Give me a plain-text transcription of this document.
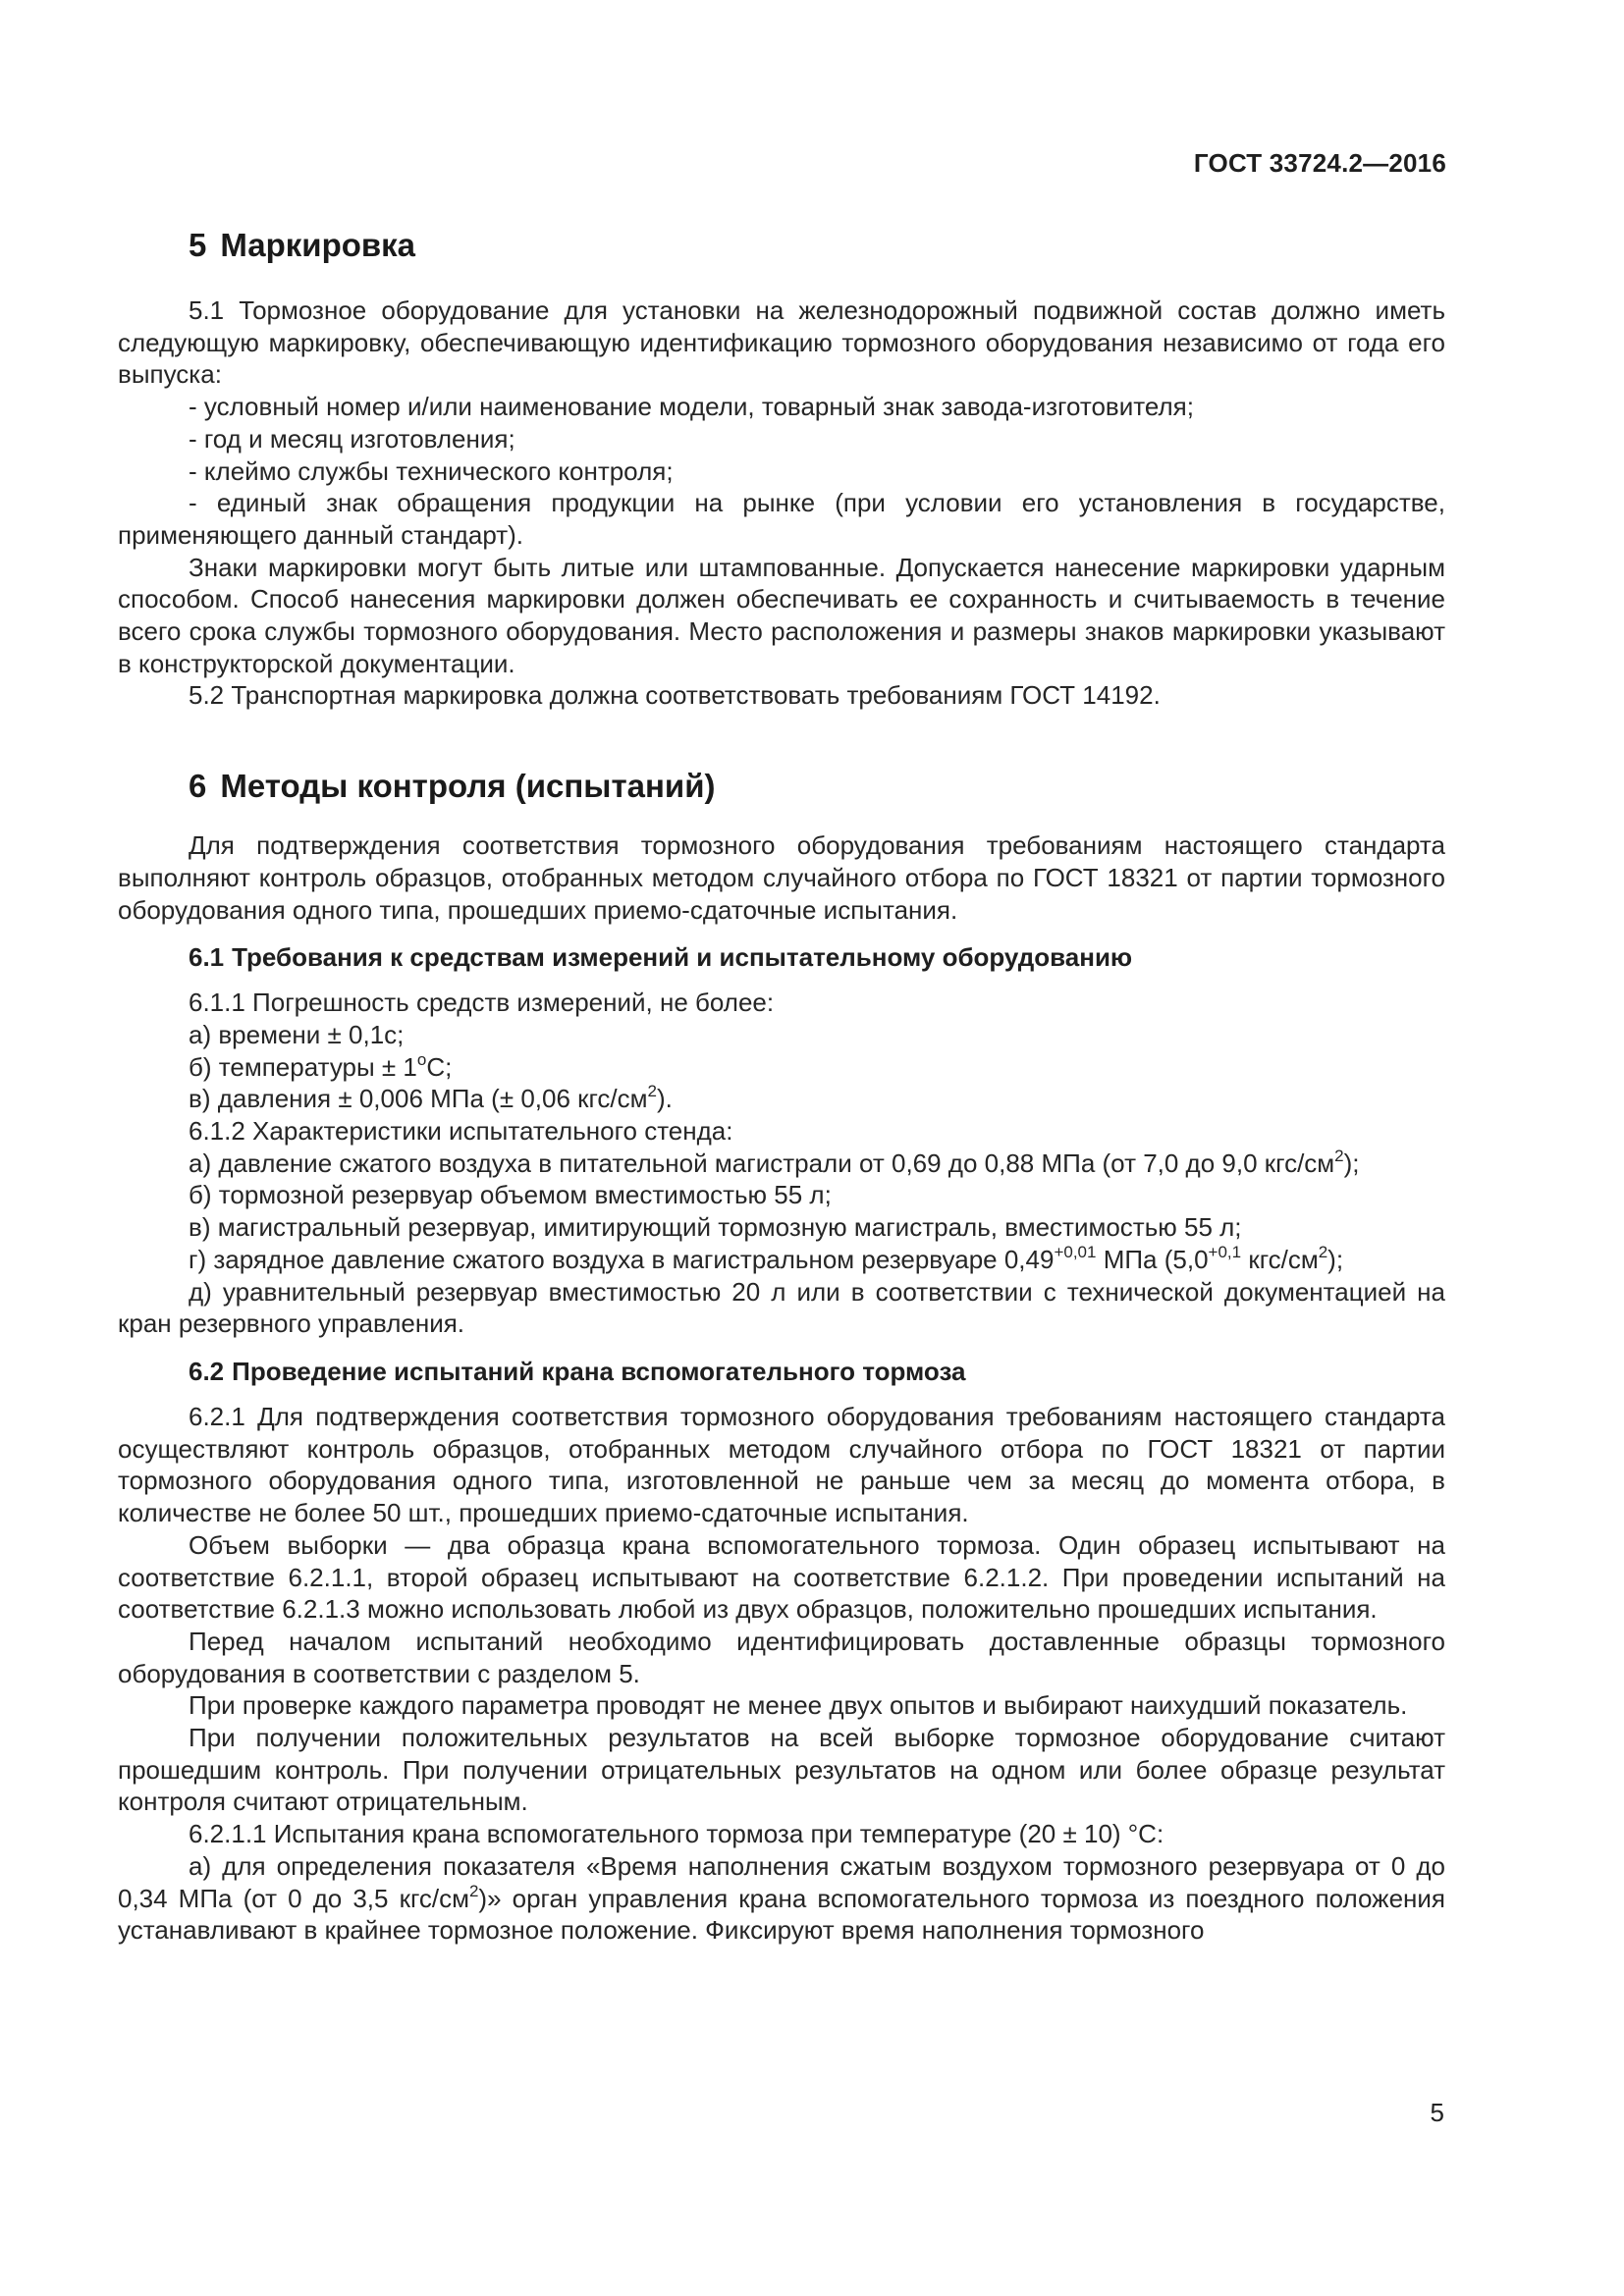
ГОСТ 33724.2—2016
5 Маркировка

5.1 Тормозное оборудование для установки на железнодорожный подвижной состав должно иметь следующую маркировку, обеспечивающую идентификацию тормозного оборудования независимо от года его выпуска:

- условный номер и/или наименование модели, товарный знак завода-изготовителя;

- год и месяц изготовления;

- клеймо службы технического контроля;

- единый знак обращения продукции на рынке (при условии его установления в государстве, применяющего данный стандарт).

Знаки маркировки могут быть литые или штампованные. Допускается нанесение маркировки ударным способом. Способ нанесения маркировки должен обеспечивать ее сохранность и считываемость в течение всего срока службы тормозного оборудования. Место расположения и размеры знаков маркировки указывают в конструкторской документации.

5.2 Транспортная маркировка должна соответствовать требованиям ГОСТ 14192.

6 Методы контроля (испытаний)

Для подтверждения соответствия тормозного оборудования требованиям настоящего стандарта выполняют контроль образцов, отобранных методом случайного отбора по ГОСТ 18321 от партии тормозного оборудования одного типа, прошедших приемо-сдаточные испытания.

6.1 Требования к средствам измерений и испытательному оборудованию

6.1.1 Погрешность средств измерений, не более:

а) времени ± 0,1с;

б) температуры ± $1^оС$;

в) давления ± 0,006 МПа (± 0,06 кгс/$см^2$).

6.1.2 Характеристики испытательного стенда:

а) давление сжатого воздуха в питательной магистрали от 0,69 до 0,88 МПа (от 7,0 до 9,0 кгс/$см^2$);

б) тормозной резервуар объемом вместимостью 55 л;

в) магистральный резервуар, имитирующий тормозную магистраль, вместимостью 55 л;

г) зарядное давление сжатого воздуха в магистральном резервуаре $0,49^{+0,01}$ МПа ($5,0^{+0,1}$ кгс/$см^2$);

д) уравнительный резервуар вместимостью 20 л или в соответствии с технической документацией на кран резервного управления.

6.2 Проведение испытаний крана вспомогательного тормоза

6.2.1 Для подтверждения соответствия тормозного оборудования требованиям настоящего стандарта осуществляют контроль образцов, отобранных методом случайного отбора по ГОСТ 18321 от партии тормозного оборудования одного типа, изготовленной не раньше чем за месяц до момента отбора, в количестве не более 50 шт., прошедших приемо-сдаточные испытания.

Объем выборки — два образца крана вспомогательного тормоза. Один образец испытывают на соответствие 6.2.1.1, второй образец испытывают на соответствие 6.2.1.2. При проведении испытаний на соответствие 6.2.1.3 можно использовать любой из двух образцов, положительно прошедших испытания.

Перед началом испытаний необходимо идентифицировать доставленные образцы тормозного оборудования в соответствии с разделом 5.

При проверке каждого параметра проводят не менее двух опытов и выбирают наихудший показатель.

При получении положительных результатов на всей выборке тормозное оборудование считают прошедшим контроль. При получении отрицательных результатов на одном или более образце результат контроля считают отрицательным.

6.2.1.1 Испытания крана вспомогательного тормоза при температуре (20 ± 10) °С:

а) для определения показателя «Время наполнения сжатым воздухом тормозного резервуара от 0 до 0,34 МПа (от 0 до 3,5 кгс/$см^2$)» орган управления крана вспомогательного тормоза из поездного положения устанавливают в крайнее тормозное положение. Фиксируют время наполнения тормозного

5
